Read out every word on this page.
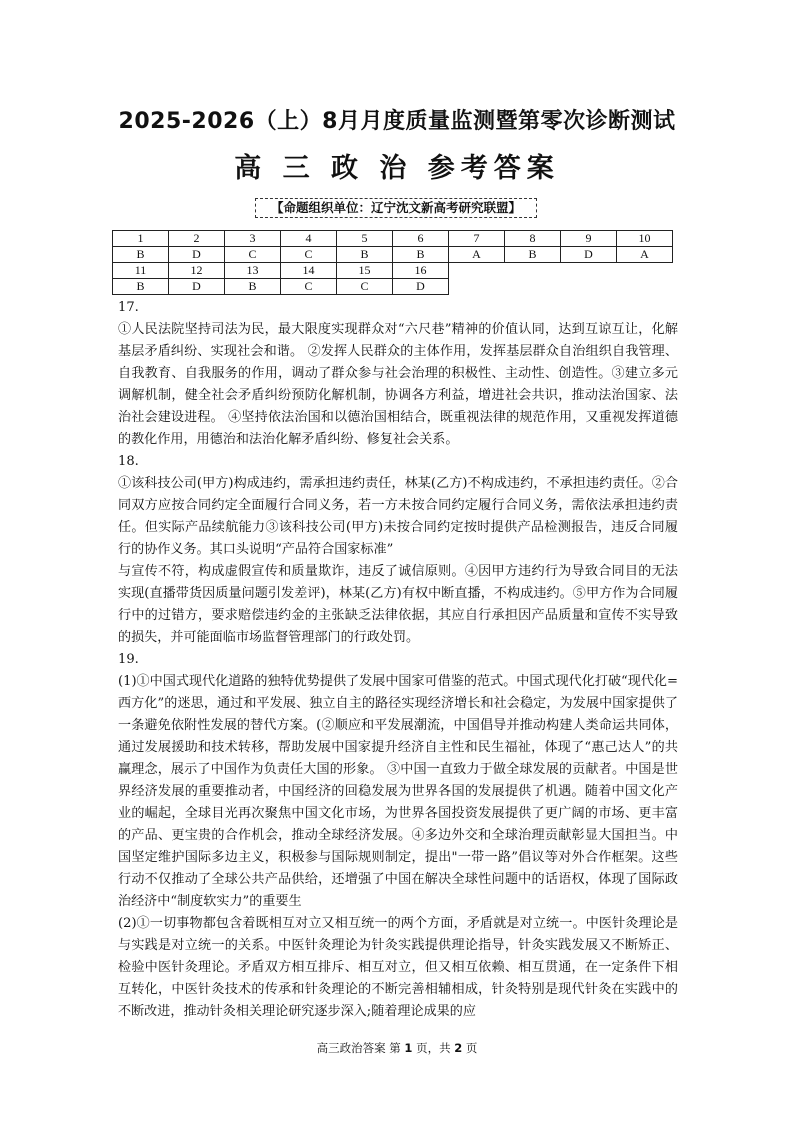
2025-2026（上）8月月度质量监测暨第零次诊断测试
高 三 政 治 参考答案
【命题组织单位：辽宁沈文新高考研究联盟】
1	2	3	4	5	6	7	8	9	10
B	D	C	C	B	B	A	B	D	A
11	12	13	14	15	16				
B	D	B	C	C	D				

17.

①人民法院坚持司法为民，最大限度实现群众对“六尺巷”精神的价值认同，达到互谅互让，化解基层矛盾纠纷、实现社会和谐。 ②发挥人民群众的主体作用，发挥基层群众自治组织自我管理、自我教育、自我服务的作用，调动了群众参与社会治理的积极性、主动性、创造性。③建立多元调解机制，健全社会矛盾纠纷预防化解机制，协调各方利益，增进社会共识，推动法治国家、法治社会建设进程。 ④坚持依法治国和以德治国相结合，既重视法律的规范作用，又重视发挥道德的教化作用，用德治和法治化解矛盾纠纷、修复社会关系。

18.

①该科技公司(甲方)构成违约，需承担违约责任，林某(乙方)不构成违约，不承担违约责任。②合同双方应按合同约定全面履行合同义务，若一方未按合同约定履行合同义务，需依法承担违约责任。但实际产品续航能力③该科技公司(甲方)未按合同约定按时提供产品检测报告，违反合同履行的协作义务。其口头说明“产品符合国家标准”

与宣传不符，构成虚假宣传和质量欺诈，违反了诚信原则。④因甲方违约行为导致合同目的无法实现(直播带货因质量问题引发差评)，林某(乙方)有权中断直播，不构成违约。⑤甲方作为合同履行中的过错方，要求赔偿违约金的主张缺乏法律依据，其应自行承担因产品质量和宣传不实导致的损失，并可能面临市场监督管理部门的行政处罚。

19.

(1)①中国式现代化道路的独特优势提供了发展中国家可借鉴的范式。中国式现代化打破“现代化=西方化”的迷思，通过和平发展、独立自主的路径实现经济增长和社会稳定，为发展中国家提供了一条避免依附性发展的替代方案。(②顺应和平发展潮流，中国倡导并推动构建人类命运共同体，通过发展援助和技术转移，帮助发展中国家提升经济自主性和民生福祉，体现了“惠己达人”的共赢理念，展示了中国作为负责任大国的形象。 ③中国一直致力于做全球发展的贡献者。中国是世界经济发展的重要推动者，中国经济的回稳发展为世界各国的发展提供了机遇。随着中国文化产业的崛起，全球目光再次聚焦中国文化市场，为世界各国投资发展提供了更广阔的市场、更丰富的产品、更宝贵的合作机会，推动全球经济发展。④多边外交和全球治理贡献彰显大国担当。中国坚定维护国际多边主义，积极参与国际规则制定，提出"一带一路”倡议等对外合作框架。这些行动不仅推动了全球公共产品供给，还增强了中国在解决全球性问题中的话语权，体现了国际政治经济中“制度软实力”的重要生

(2)①一切事物都包含着既相互对立又相互统一的两个方面，矛盾就是对立统一。中医针灸理论是与实践是对立统一的关系。中医针灸理论为针灸实践提供理论指导，针灸实践发展又不断矫正、检验中医针灸理论。矛盾双方相互排斥、相互对立，但又相互依赖、相互贯通，在一定条件下相互转化，中医针灸技术的传承和针灸理论的不断完善相辅相成，针灸特别是现代针灸在实践中的不断改进，推动针灸相关理论研究逐步深入;随着理论成果的应

高三政治答案 第 1 页，共 2 页
